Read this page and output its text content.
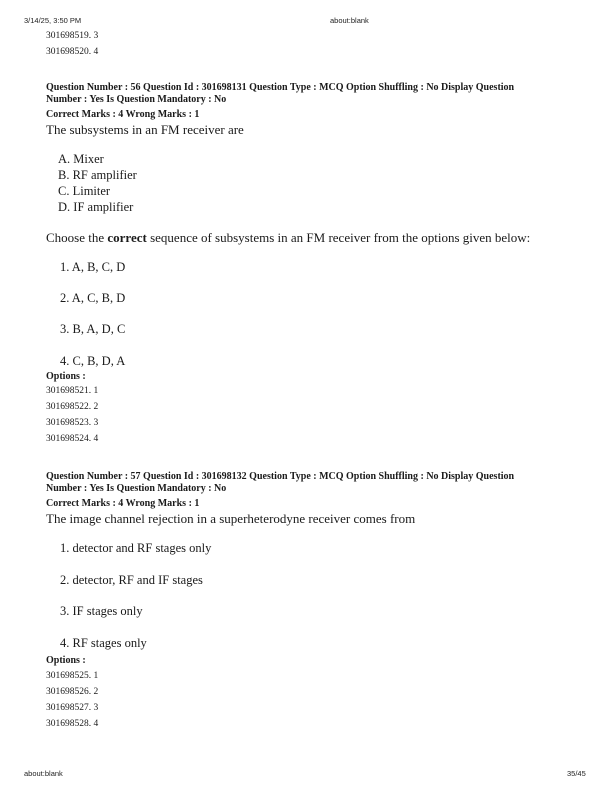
3/14/25, 3:50 PM	about:blank
301698519. 3
301698520. 4
Question Number : 56 Question Id : 301698131 Question Type : MCQ Option Shuffling : No Display Question
Number : Yes Is Question Mandatory : No
Correct Marks : 4 Wrong Marks : 1
The subsystems in an FM receiver are
A. Mixer
B. RF amplifier
C. Limiter
D. IF amplifier
Choose the correct sequence of subsystems in an FM receiver from the options given below:
1. A, B, C, D
2. A, C, B, D
3. B, A, D, C
4. C, B, D, A
Options :
301698521. 1
301698522. 2
301698523. 3
301698524. 4
Question Number : 57 Question Id : 301698132 Question Type : MCQ Option Shuffling : No Display Question
Number : Yes Is Question Mandatory : No
Correct Marks : 4 Wrong Marks : 1
The image channel rejection in a superheterodyne receiver comes from
1. detector and RF stages only
2. detector, RF and IF stages
3. IF stages only
4. RF stages only
Options :
301698525. 1
301698526. 2
301698527. 3
301698528. 4
about:blank	35/45
